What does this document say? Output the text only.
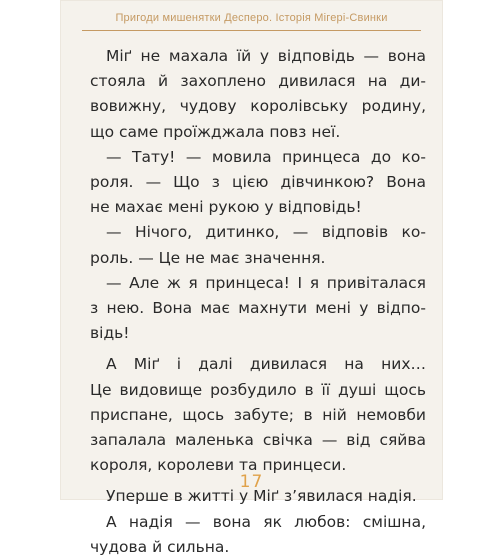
Пригоди мишенятки Десперо. Історія Мігері-Свинки
Міґ не махала їй у відповідь — вона
стояла й захоплено дивилася на ди-
вовижну, чудову королівську родину,
що саме проїжджала повз неї.
— Тату! — мовила принцеса до ко-
роля. — Що з цією дівчинкою? Вона
не махає мені рукою у відповідь!
— Нічого, дитинко, — відповів ко-
роль. — Це не має значення.
— Але ж я принцеса! І я привіталася
з нею. Вона має махнути мені у відпо-
відь!
А Міґ і далі дивилася на них…
Це видовище розбудило в її душі щось
приспане, щось забуте; в ній немовби
запалала маленька свічка — від сяйва
короля, королеви та принцеси.
Уперше в житті у Міґ з’явилася надія.
А надія — вона як любов: смішна,
чудова й сильна.
17
